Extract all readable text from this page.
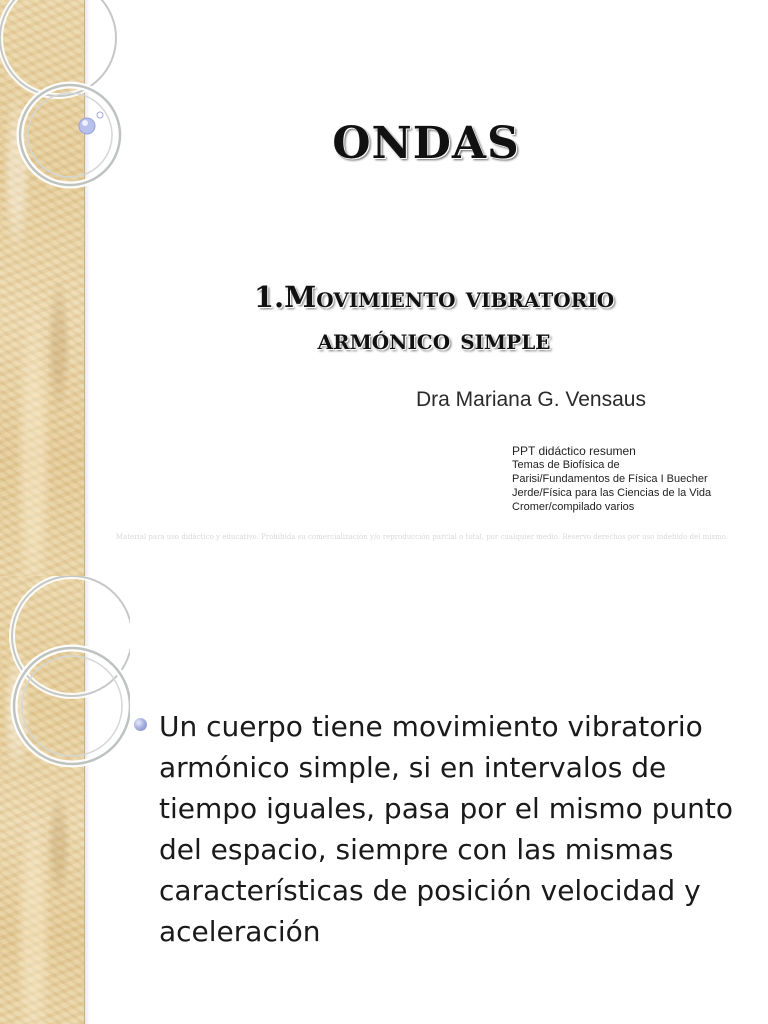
ONDAS
1.Movimiento vibratorio
armónico simple
Dra Mariana G. Vensaus
PPT didáctico resumen
Temas de Biofísica de
Parisi/Fundamentos de Física I Buecher
Jerde/Física para las Ciencias de la Vida
Cromer/compilado varios
Material para uso didáctico y educativo. Prohibida su comercialización y/o reproducción parcial o total, por cualquier medio. Reservo derechos por uso indebido del mismo.
Un cuerpo tiene movimiento vibratorio armónico simple, si en intervalos de tiempo iguales, pasa por el mismo punto del espacio, siempre con las mismas características de posición velocidad y aceleración
